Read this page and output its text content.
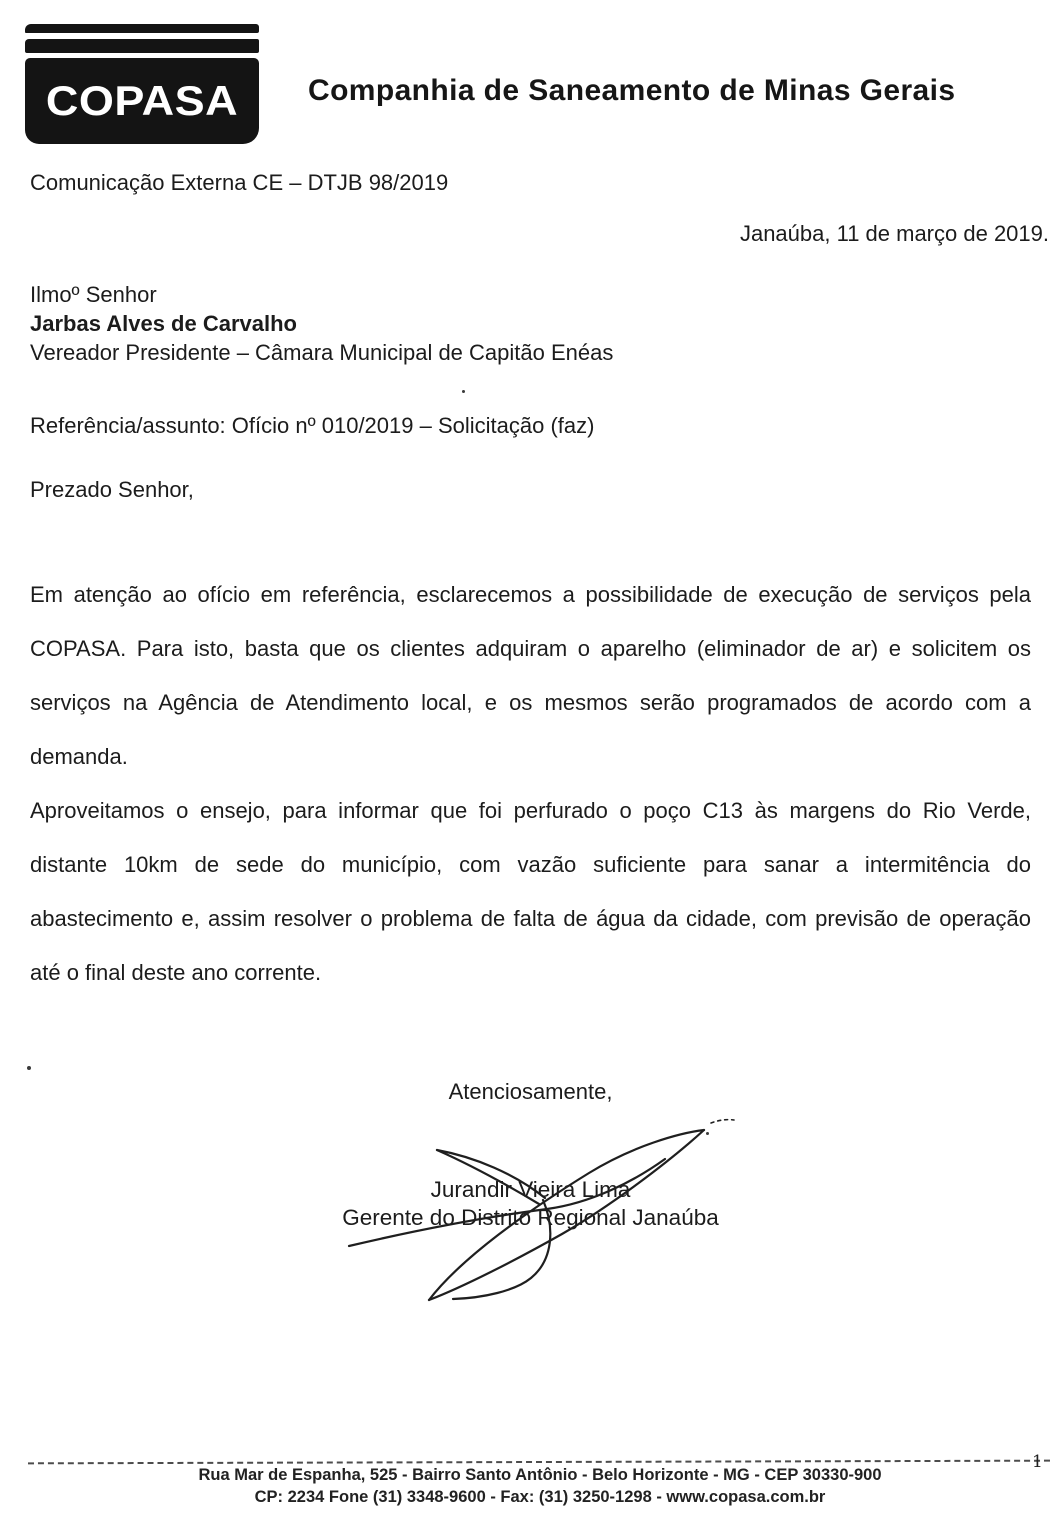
COPASA Companhia de Saneamento de Minas Gerais
Comunicação Externa CE – DTJB 98/2019
Janaúba, 11 de março de 2019.
Ilmoº Senhor
Jarbas Alves de Carvalho
Vereador Presidente – Câmara Municipal de Capitão Enéas
Referência/assunto: Ofício nº 010/2019 – Solicitação (faz)
Prezado Senhor,

Em atenção ao ofício em referência, esclarecemos a possibilidade de execução de serviços pela COPASA. Para isto, basta que os clientes adquiram o aparelho (eliminador de ar) e solicitem os serviços na Agência de Atendimento local, e os mesmos serão programados de acordo com a demanda.

Aproveitamos o ensejo, para informar que foi perfurado o poço C13 às margens do Rio Verde, distante 10km de sede do município, com vazão suficiente para sanar a intermitência do abastecimento e, assim resolver o problema de falta de água da cidade, com previsão de operação até o final deste ano corrente.

Atenciosamente,
Jurandir Vieira Lima
Gerente do Distrito Regional Janaúba
Rua Mar de Espanha, 525 - Bairro Santo Antônio - Belo Horizonte - MG - CEP 30330-900
CP: 2234 Fone (31) 3348-9600 - Fax: (31) 3250-1298 - www.copasa.com.br
1
